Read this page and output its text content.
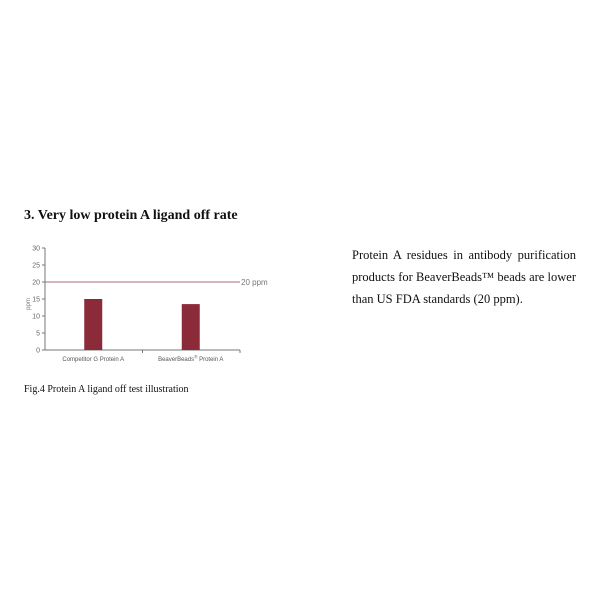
3. Very low protein A ligand off rate
ppm
0
5
10
15
20
25
30
20 ppm
Competitor G Protein A	BeaverBeads® Protein A

Fig.4 Protein A ligand off test illustration

Protein A residues in antibody purification products for BeaverBeads™ beads are lower than US FDA standards (20 ppm).
